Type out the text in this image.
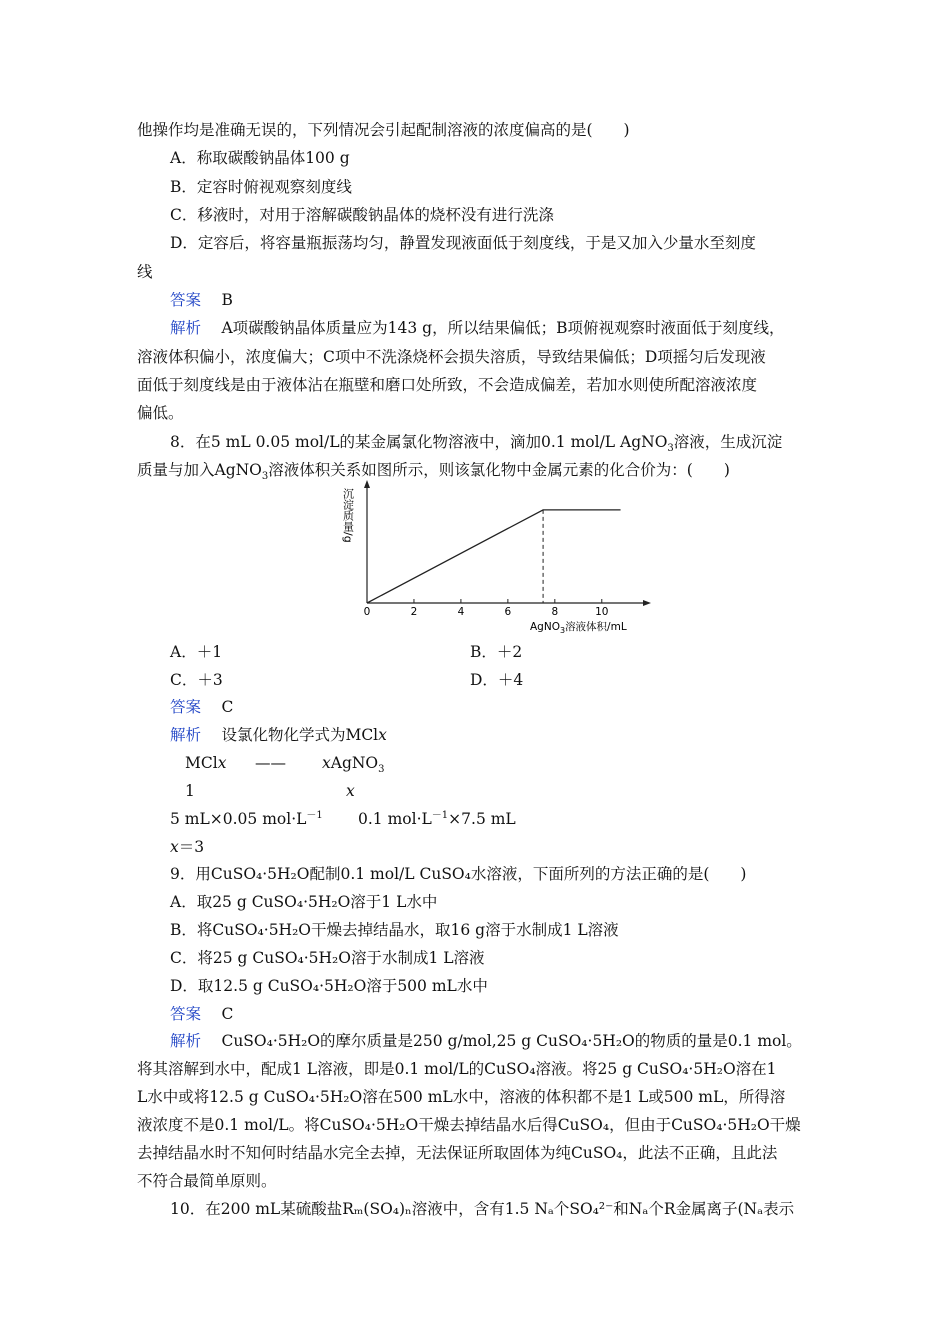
他操作均是准确无误的，下列情况会引起配制溶液的浓度偏高的是(　　)
A．称取碳酸钠晶体100 g
B．定容时俯视观察刻度线
C．移液时，对用于溶解碳酸钠晶体的烧杯没有进行洗涤
D．定容后，将容量瓶振荡均匀，静置发现液面低于刻度线，于是又加入少量水至刻度
线
答案　 B
解析　 A项碳酸钠晶体质量应为143 g，所以结果偏低；B项俯视观察时液面低于刻度线，
溶液体积偏小，浓度偏大；C项中不洗涤烧杯会损失溶质，导致结果偏低；D项摇匀后发现液
面低于刻度线是由于液体沾在瓶壁和磨口处所致，不会造成偏差，若加水则使所配溶液浓度
偏低。
8．在5 mL 0.05 mol/L的某金属氯化物溶液中，滴加0.1 mol/L AgNO$_3$溶液，生成沉淀
质量与加入AgNO$_3$溶液体积关系如图所示，则该氯化物中金属元素的化合价为：(　　)
0	2	4	6	8	10
沉淀质量/g
AgNO$_3$溶液体积/mL
A．＋1	B．＋2
C．＋3	D．＋4
答案　 C
解析　 设氯化物化学式为MClx
MClx —— xAgNO$_3$
1	x
5 mL×0.05 $mol\cdot L^{-1}$ 0.1 $mol\cdot L^{-1}\times 7.5$ mL
x＝3
9．用CuSO₄·5H₂O配制0.1 mol/L CuSO₄水溶液，下面所列的方法正确的是(　　)
A．取25 g CuSO₄·5H₂O溶于1 L水中
B．将CuSO₄·5H₂O干燥去掉结晶水，取16 g溶于水制成1 L溶液
C．将25 g CuSO₄·5H₂O溶于水制成1 L溶液
D．取12.5 g CuSO₄·5H₂O溶于500 mL水中
答案　 C
解析　 CuSO₄·5H₂O的摩尔质量是250 g/mol,25 g CuSO₄·5H₂O的物质的量是0.1 mol。
将其溶解到水中，配成1 L溶液，即是0.1 mol/L的CuSO₄溶液。将25 g CuSO₄·5H₂O溶在1
L水中或将12.5 g CuSO₄·5H₂O溶在500 mL水中，溶液的体积都不是1 L或500 mL，所得溶
液浓度不是0.1 mol/L。将CuSO₄·5H₂O干燥去掉结晶水后得CuSO₄，但由于CuSO₄·5H₂O干燥
去掉结晶水时不知何时结晶水完全去掉，无法保证所取固体为纯CuSO₄，此法不正确，且此法
不符合最简单原则。
10．在200 mL某硫酸盐Rₘ(SO₄)ₙ溶液中，含有1.5 Nₐ个SO₄²⁻和Nₐ个R金属离子(Nₐ表示
